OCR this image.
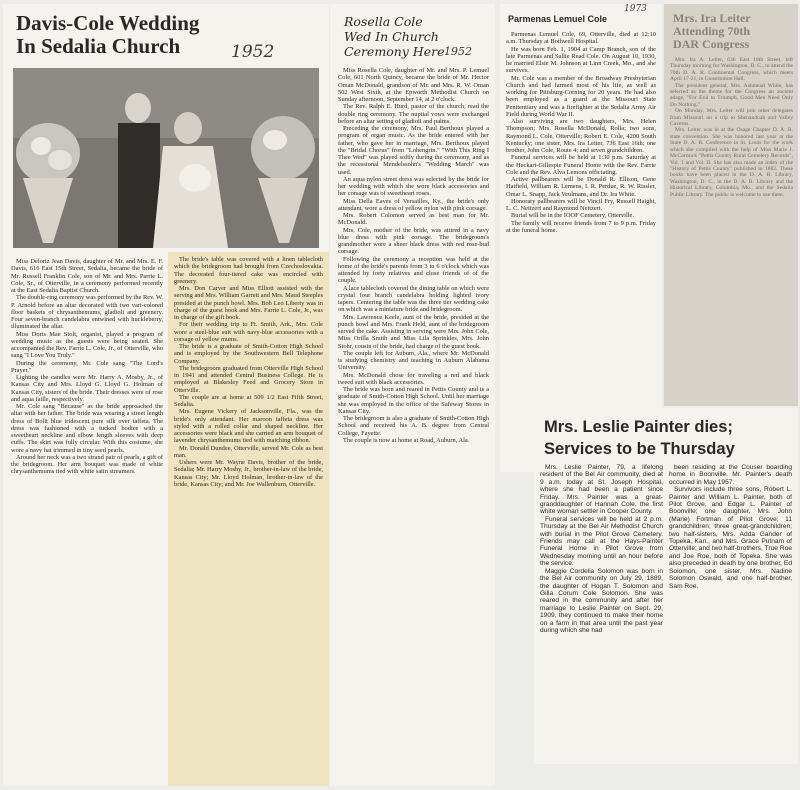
Davis-Cole Wedding
In Sedalia Church	1952

Miss Deloriz Jean Davis, daughter of Mr. and Mrs. E. F. Davis, 616 East 15th Street, Sedalia, became the bride of Mr. Russell Franklin Cole, son of Mr. and Mrs. Parrie L. Cole, Sr., of Otterville, in a ceremony performed recently at the East Sedalia Baptist Church.

The double-ring ceremony was performed by the Rev. W. P. Arnold before an altar decorated with two vari-colored floor baskets of chrysanthemums, gladioli and greenery. Four seven-branch candelabra entwined with huckleberry, illuminated the altar.

Miss Doris Mae Stolt, organist, played a program of wedding music as the guests were being seated. She accompanied the Rev. Farrie L. Cole, Jr., of Otterville, who sang "I Love You Truly."

During the ceremony, Mr. Cole sang "The Lord's Prayer."

Lighting the candles were Mr. Harry A. Mosby, Jr., of Kansas City and Mrs. Lloyd G. Lloyd G. Holman of Kansas City, sisters of the bride. Their dresses were of rose and aqua faille, respectively.

Mr. Cole sang "Because" as the bride approached the altar with her father. The bride was wearing a street length dress of Bolit blue iridescent pure silk over taffeta. The dress was fashioned with a tucked bodice with a sweetheart neckline and elbow length sleeves with deep cuffs. The skirt was fully circular. With this costume, she wore a navy hat trimmed in tiny seed pearls.

Around her neck was a two strand pair of pearls, a gift of the bridegroom. Her arm bouquet was made of white chrysanthemums tied with white satin streamers.

The bride's table was covered with a linen tablecloth which the bridegroom had brought from Czechoslovakia. The decorated four-tiered cake was encircled with greenery.

Mrs. Don Carver and Miss Elliott assisted with the serving and Mrs. William Garrett and Mrs. Maud Steeples presided at the punch bowl. Mrs. Bob Leo Liberty was in charge of the guest book and Mrs. Farrie L. Cole, Jr., was in charge of the gift book.

For their wedding trip to Ft. Smith, Ark., Mrs. Cole wore a steel-blue suit with navy-blue accessories with a corsage of yellow mums.

The bride is a graduate of Smith-Cotton High School and is employed by the Southwestern Bell Telephone Company.

The bridegroom graduated from Otterville High School in 1941 and attended Central Business College. He is employed at Blakesley Feed and Grocery Store in Otterville.

The couple are at home at 509 1/2 East Fifth Street, Sedalia.

Mrs. Eugene Vickery of Jacksonville, Fla., was the bride's only attendant. Her maroon taffeta dress was styled with a rolled collar and shaped neckline. Her accessories were black and she carried an arm bouquet of lavender chrysanthemums tied with matching ribbon.

Mr. Donald Dundee, Otterville, served Mr. Cole as best man.

Ushers were Mr. Wayne Davis, brother of the bride, Sedalia; Mr. Harry Mosby, Jr., brother-in-law of the bride, Kansas City; Mr. Lloyd Holman, brother-in-law of the bride, Kansas City; and Mr. Joe Wallenburn, Otterville.

Rosella Cole
Wed In Church
Ceremony Here 1952

Miss Rosella Cole, daughter of Mr. and Mrs. P. Lemuel Cole, 601 North Quincy, became the bride of Mr. Hector Oman McDonald, grandson of Mr. and Mrs. R. W. Oman 502 West Sixth, at the Epworth Methodist Church on Sunday afternoon, September 14, at 2 o'clock.

The Rev. Ralph E. Hurd, pastor of the church, read the double ring ceremony. The nuptial vows were exchanged before an altar setting of gladioli and palms.

Preceding the ceremony, Mrs. Paul Berthoux played a program of organ music. As the bride entered with her father, who gave her in marriage, Mrs. Berthoux played the "Bridal Chorus" from "Lohengrin." "With This Ring I Thee Wed" was played softly during the ceremony, and as the recessional Mendelssohn's "Wedding March" was used.

An aqua nylon street dress was selected by the bride for her wedding with which she wore black accessories and her corsage was of sweetheart roses.

Miss Della Eaves of Versailles, Ky., the bride's only attendant, wore a dress of yellow nylon with pink corsage.

Mrs. Robert Colomon served as best man for Mr. McDonald.

Mrs. Cole, mother of the bride, was attired in a navy blue dress with pink corsage. The bridegroom's grandmother wore a sheer black dress with red rose-bud corsage.

Following the ceremony a reception was held at the home of the bride's parents from 3 to 6 o'clock which was attended by forty relatives and close friends of of the couple.

A lace tablecloth covered the dining table on which were crystal four branch candelabra holding lighted ivory tapers. Centering the table was the three tier wedding cake on which was a miniature bride and bridegroom.

Mrs. Lawrence Keele, aunt of the bride, presided at the punch bowl and Mrs. Frank Held, aunt of the bridegroom served the cake. Assisting in serving were Mrs. John Cole, Miss Orilla Smith and Miss Lila Sprinkles, Mrs. John Stohr, cousin of the bride, had charge of the guest book.

The couple left for Auburn, Ala., where Mr. McDonald is studying chemistry and teaching in Auburn Alabama University.

Mrs. McDonald chose for traveling a red and black tweed suit with black accessories.

The bride was born and reared in Pettis County and is a graduate of Smith-Cotton High School. Until her marriage she was employed in the office of the Safeway Stores in Kansas City.

The bridegroom is also a graduate of Smith-Cotton High School and received his A. B. degree from Central College, Fayette.

The couple is now at home at Road, Auburn, Ala.

Parmenas Lemuel Cole
1973

Parmenas Lemuel Cole, 69, Otterville, died at 12:10 a.m. Thursday at Bothwell Hospital.

He was born Feb. 1, 1904 at Camp Branch, son of the late Parmenas and Sallie Read Cole. On August 10, 1930, he married Elsie M. Johnson at Linn Creek, Mo., and she survives.

Mr. Cole was a member of the Broadway Presbyterian Church and had farmed most of his life, as well as working for Pittsburg-Corning for 20 years. He had also been employed as a guard at the Missouri State Penitentiary and was a firefighter at the Sedalia Army Air Field during World War II.

Also surviving are two daughters, Mrs. Helen Thompson; Mrs. Rosella McDonald, Rolla; two sons, Raymond L. Cole, Otterville; Robert E. Cole, 4200 South Kentucky; one sister, Mrs. Ira Leiter, 736 East 16th; one brother, John Cole, Route 4; and seven grandchildren.

Funeral services will be held at 1:30 p.m. Saturday at the Heckart-Gillespie Funeral Home with the Rev. Farrie Cole and the Rev. Alva Lemons officiating.

Active pallbearers will be Donald R. Ellison, Gene Hatfield, William R. Lemens, I. R. Perdue, R. W. Rissler, Omar L. Snapp, Jack Veulmans, and Dr. Ira White.

Honorary pallbearers will be Vincil Fry, Russell Haight, L. C. Neitzert and Raymond Neitzert.

Burial will be in the IOOF Cemetery, Otterville.

The family will receive friends from 7 to 9 p.m. Friday at the funeral home.

Mrs. Ira Leiter
Attending 70th
DAR Congress

Mrs. Ira A. Leiter, 636 East 16th Street, left Thursday morning for Washington, D. C., to attend the 70th D. A. R. Continental Congress, which meets April 17-21, in Constitution Hall.

The president general, Mrs. Ashmead White, has selected as the theme for the Congress an ancient adage, "For Evil to Triumph, Good Men Need Only Do Nothing."

On Monday, Mrs. Leiter will join other delegates from Missouri on a trip to Shenandoah and Valley Caverns.

Mrs. Leiter was in at the Osage Chapter D. A. R. state convention. She was honored last year at the State D. A. R. Conference in St. Louis for the work which she compiled with the help of Miss Marie J. McCormick "Pettis County Rural Cemetery Records", Vol. 1 and Vol. II. She has also made an index of the "History of Pettis County" published in 1882. These books have been placed in the D. A. R. Library, Washington, D. C., in the D. A. R. Library and the Historical Library, Columbia, Mo., and the Sedalia Public Library. The public is welcome to use them.

Mrs. Leslie Painter dies;
Services to be Thursday

Mrs. Leslie Painter, 79, a lifelong resident of the Bel Air community, died at 9 a.m. today at St. Joseph Hospital, where she had been a patient since Friday. Mrs. Painter was a great-granddaughter of Hannah Cole, the first white woman settler in Cooper County.

Funeral services will be held at 2 p.m. Thursday at the Bel Air Methodist Church with burial in the Pilot Grove Cemetery. Friends may call at the Hays-Painter Funeral Home in Pilot Grove from Wednesday morning until an hour before the service.

Maggie Cordelia Solomon was born in the Bel Air community on July 29, 1889, the daughter of Hogan T. Solomon and Gilla Corum Cole Solomon. She was reared in the community and after her marriage to Leslie Painter on Sept. 29, 1909, they continued to make their home on a farm in that area until the past year during which she had

been residing at the Couser boarding home in Boonville. Mr. Painter's death occurred in May 1957.

Survivors include three sons, Robert L. Painter and William L. Painter, both of Pilot Grove, and Edgar L. Painter of Boonville; one daughter, Mrs. John (Marie) Fortman of Pilot Grove; 11 grandchildren; three great-grandchildren; two half-sisters, Mrs. Adda Gander of Topeka, Kan., and Mrs. Grace Putnam of Otterville; and two half-brothers, True Roe and Joe Roe, both of Topeka. She was also preceded in death by one brother, Ed Solomon, one sister, Mrs. Nadine Solomon Oswald, and one half-brother, Sam Roe.
